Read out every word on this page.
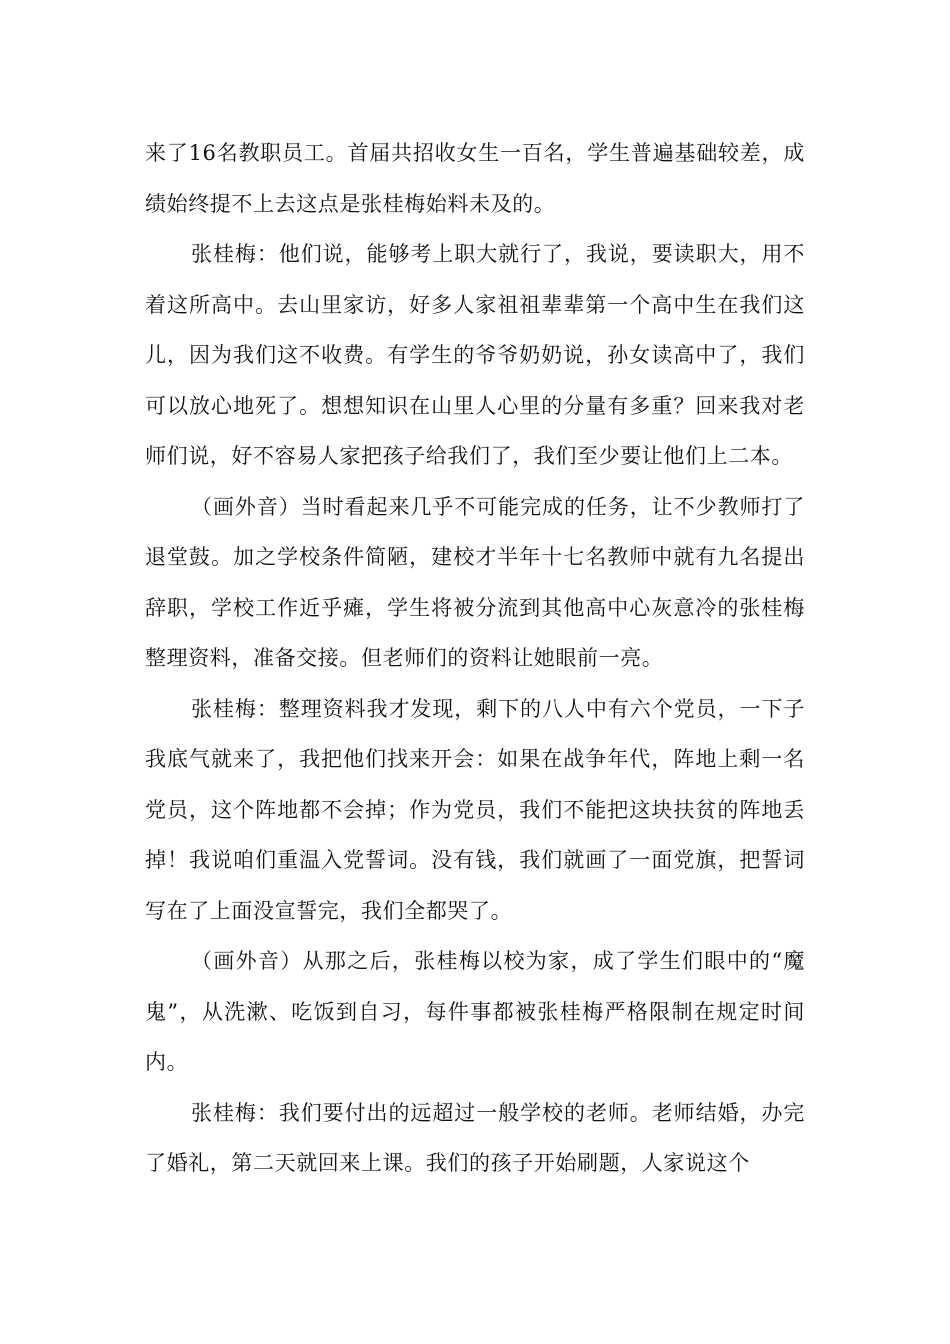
来了16名教职员工。首届共招收女生一百名，学生普遍基础较差，成绩始终提不上去这点是张桂梅始料未及的。

张桂梅：他们说，能够考上职大就行了，我说，要读职大，用不着这所高中。去山里家访，好多人家祖祖辈辈第一个高中生在我们这儿，因为我们这不收费。有学生的爷爷奶奶说，孙女读高中了，我们可以放心地死了。想想知识在山里人心里的分量有多重？回来我对老师们说，好不容易人家把孩子给我们了，我们至少要让他们上二本。

（画外音）当时看起来几乎不可能完成的任务，让不少教师打了退堂鼓。加之学校条件简陋，建校才半年十七名教师中就有九名提出辞职，学校工作近乎瘫，学生将被分流到其他高中心灰意冷的张桂梅整理资料，准备交接。但老师们的资料让她眼前一亮。

张桂梅：整理资料我才发现，剩下的八人中有六个党员，一下子我底气就来了，我把他们找来开会：如果在战争年代，阵地上剩一名党员，这个阵地都不会掉；作为党员，我们不能把这块扶贫的阵地丢掉！我说咱们重温入党誓词。没有钱，我们就画了一面党旗，把誓词写在了上面没宣誓完，我们全都哭了。

（画外音）从那之后，张桂梅以校为家，成了学生们眼中的“魔鬼”，从洗漱、吃饭到自习，每件事都被张桂梅严格限制在规定时间内。

张桂梅：我们要付出的远超过一般学校的老师。老师结婚，办完了婚礼，第二天就回来上课。我们的孩子开始刷题，人家说这个
